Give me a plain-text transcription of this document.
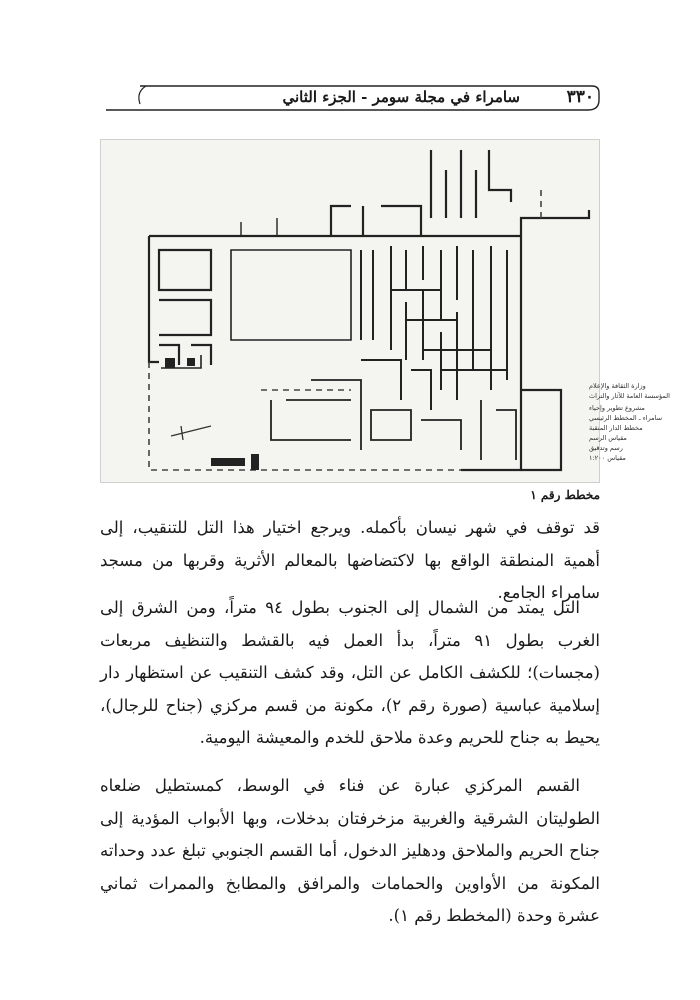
٣٣٠
سامراء في مجلة سومر - الجزء الثاني
وزارة الثقافة والإعلام
المؤسسة العامة للآثار والتراث
مشروع تطوير وإحياء
سامراء ـ المخطط الرئيسي
مخطط الدار المنقبة
مقياس الرسم
رسم وتدقيق
مقياس ١:٢٠٠
مخطط رقم ١
قد توقف في شهر نيسان بأكمله. ويرجع اختيار هذا التل للتنقيب، إلى أهمية المنطقة الواقع بها لاكتضاضها بالمعالم الأثرية وقربها من مسجد سامراء الجامع.
التل يمتد من الشمال إلى الجنوب بطول ٩٤ متراً، ومن الشرق إلى الغرب بطول ٩١ متراً، بدأ العمل فيه بالقشط والتنظيف مربعات (مجسات)؛ للكشف الكامل عن التل، وقد كشف التنقيب عن استظهار دار إسلامية عباسية (صورة رقم ٢)، مكونة من قسم مركزي (جناح للرجال)، يحيط به جناح للحريم وعدة ملاحق للخدم والمعيشة اليومية.
القسم المركزي عبارة عن فناء في الوسط، كمستطيل ضلعاه الطوليتان الشرقية والغربية مزخرفتان بدخلات، وبها الأبواب المؤدية إلى جناح الحريم والملاحق ودهليز الدخول، أما القسم الجنوبي تبلغ عدد وحداته المكونة من الأواوين والحمامات والمرافق والمطابخ والممرات ثماني عشرة وحدة (المخطط رقم ١).
